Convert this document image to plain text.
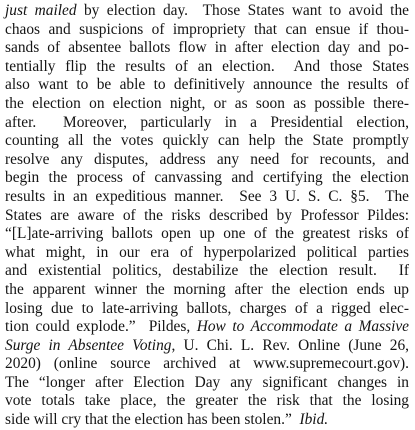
just mailed by election day.  Those States want to avoid the
chaos and suspicions of impropriety that can ensue if thou-
sands of absentee ballots flow in after election day and po-
tentially flip the results of an election.  And those States
also want to be able to definitively announce the results of
the election on election night, or as soon as possible there-
after.  Moreover, particularly in a Presidential election,
counting all the votes quickly can help the State promptly
resolve any disputes, address any need for recounts, and
begin the process of canvassing and certifying the election
results in an expeditious manner.  See 3 U. S. C. §5.  The
States are aware of the risks described by Professor Pildes:
“[L]ate-arriving ballots open up one of the greatest risks of
what might, in our era of hyperpolarized political parties
and existential politics, destabilize the election result.  If
the apparent winner the morning after the election ends up
losing due to late-arriving ballots, charges of a rigged elec-
tion could explode.”  Pildes, How to Accommodate a Massive
Surge in Absentee Voting, U. Chi. L. Rev. Online (June 26,
2020) (online source archived at www.supremecourt.gov).
The “longer after Election Day any significant changes in
vote totals take place, the greater the risk that the losing
side will cry that the election has been stolen.”  Ibid.
